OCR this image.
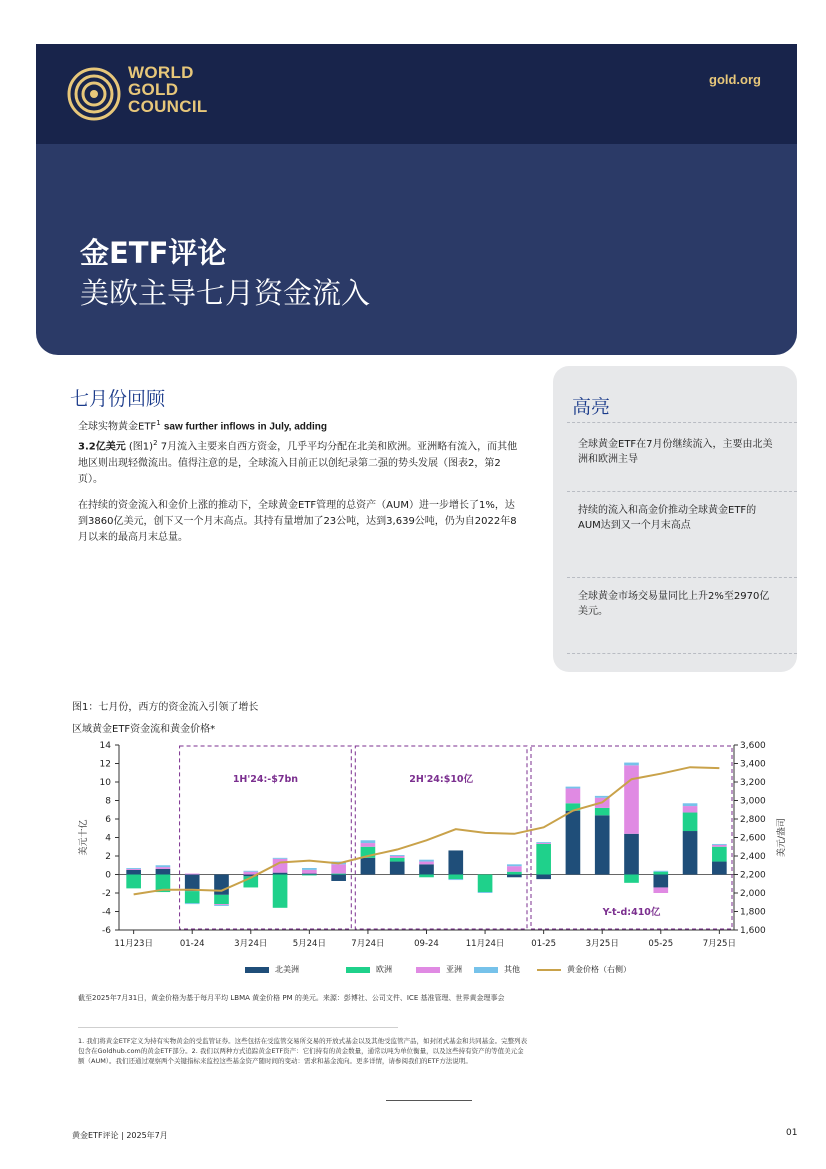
WORLD
GOLD
COUNCIL
gold.org
金ETF评论
美欧主导七月资金流入
七月份回顾
全球实物黄金ETF$^1$ saw further inflows in July, adding
3.2亿美元 (图1)$^2$ 7月流入主要来自西方资金，几乎平均分配在北美和欧洲。亚洲略有流入，而其他地区则出现轻微流出。值得注意的是，全球流入目前正以创纪录第二强的势头发展（图表2，第2页）。
在持续的资金流入和金价上涨的推动下，全球黄金ETF管理的总资产（AUM）进一步增长了1%，达到3860亿美元，创下又一个月末高点。其持有量增加了23公吨，达到3,639公吨，仍为自2022年8月以来的最高月末总量。
高亮
全球黄金ETF在7月份继续流入，主要由北美洲和欧洲主导
持续的流入和高金价推动全球黄金ETF的AUM达到又一个月末高点
全球黄金市场交易量同比上升2%至2970亿美元。
图1：七月份，西方的资金流入引领了增长
区域黄金ETF资金流和黄金价格*
-6
-4
-2
0
2
4
6
8
10
12
14
1,600
1,800
2,000
2,200
2,400
2,600
2,800
3,000
3,200
3,400
3,600
11月23日	01-24	3月24日	5月24日	7月24日	09-24	11月24日	01-25	3月25日	05-25	7月25日
美元十亿	美元/盎司
1H'24:-$7bn	2H'24:$10亿
Y-t-d:410亿
北美洲	欧洲	亚洲	其他	黄金价格（右侧）
截至2025年7月31日，黄金价格为基于每月平均 LBMA 黄金价格 PM 的美元。来源：彭博社、公司文件、ICE 基准管理、世界黄金理事会
1. 我们将黄金ETF定义为持有实物黄金的受监管证券。这些包括在受监管交易所交易的开放式基金以及其他受监管产品，如封闭式基金和共同基金。完整列表包含在Goldhub.com的黄金ETF部分。2. 我们以两种方式追踪黄金ETF资产：它们持有的黄金数量，通常以吨为单位衡量，以及这些持有资产的等值美元金额（AUM）。我们还通过观察两个关键指标来监控这些基金资产随时间的变动：需求和基金流向。更多详情，请参阅我们的ETF方法说明。
黄金ETF评论 | 2025年7月	01
